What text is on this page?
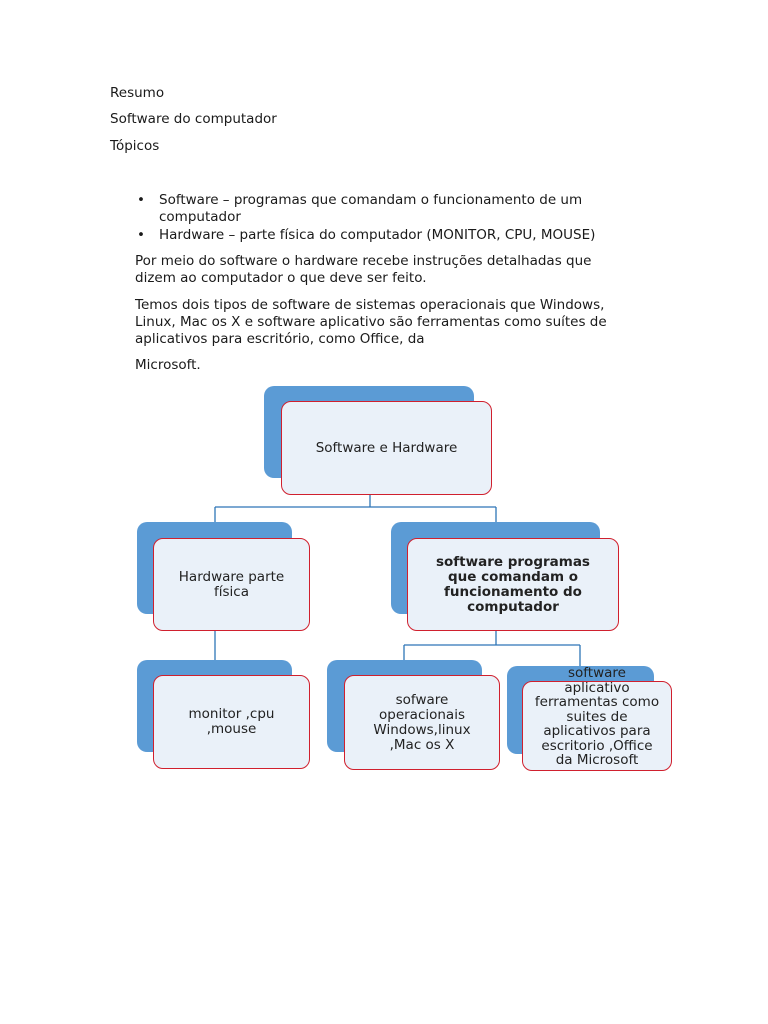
Resumo
Software do computador
Tópicos
• Software – programas que comandam o funcionamento de um
computador
• Hardware – parte física do computador (MONITOR, CPU, MOUSE)
Por meio do software o hardware recebe instruções detalhadas que
dizem ao computador o que deve ser feito.
Temos dois tipos de software de sistemas operacionais que Windows,
Linux, Mac os X e software aplicativo são ferramentas como suítes de
aplicativos para escritório, como Office, da
Microsoft.
Software e Hardware
Hardware parte
física
software programas
que comandam o
funcionamento do
computador
monitor ,cpu
,mouse
sofware
operacionais
Windows,linux
,Mac os X
software
aplicativo
ferramentas como
suites de
aplicativos para
escritorio ,Office
da Microsoft
